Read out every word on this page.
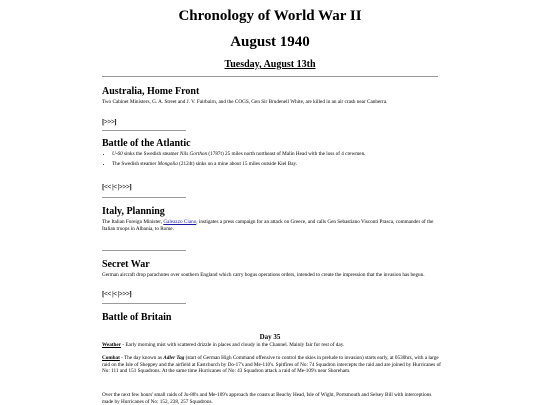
Chronology of World War II
August 1940
Tuesday, August 13th
Australia, Home Front

Two Cabinet Ministers, G. A. Street and J. V. Fairbairn, and the COGS, Gen Sir Brudenell White, are killed in an air crash near Canberra.

[>>>]
Battle of the Atlantic
• U-60 sinks the Swedish steamer Nils Gorthon (1787t) 25 miles north northeast of Malin Head with the loss of 4 crewmen.
• The Swedish steamer Mongolia (2124t) sinks on a mine about 15 miles outside Kiel Bay.
[<< |< |>>>]
Italy, Planning

The Italian Foreign Minister, Galeazzo Ciano, instigates a press campaign for an attack on Greece, and calls Gen Sebastiano Visconti Prasca, commander of the Italian troops in Albania, to Rome.

Secret War

German aircraft drop parachutes over southern England which carry bogus operations orders, intended to create the impression that the invasion has begun.

[<< |< |>>>]
Battle of Britain
Day 35

Weather - Early morning mist with scattered drizzle in places and cloudy in the Channel. Mainly fair for rest of day.

Combat - The day known as Adler Tag (start of German High Command offensive to control the skies in prelude to invasion) starts early, at 0530hrs, with a large raid on the Isle of Sheppey and the airfield at Eastchurch by Do-17's and Me-110's. Spitfires of No: 74 Squadron intercepts the raid and are joined by Hurricanes of No: 111 and 151 Squadrons. At the same time Hurricanes of No: 43 Squadron attack a raid of Me-109's near Shoreham.

Over the next few hours' small raids of Ju-88's and Me-109's approach the coasts at Beachy Head, Isle of Wight, Portsmouth and Selsey Bill with interceptions made by Hurricanes of No: 152, 238, 257 Squadrons.
